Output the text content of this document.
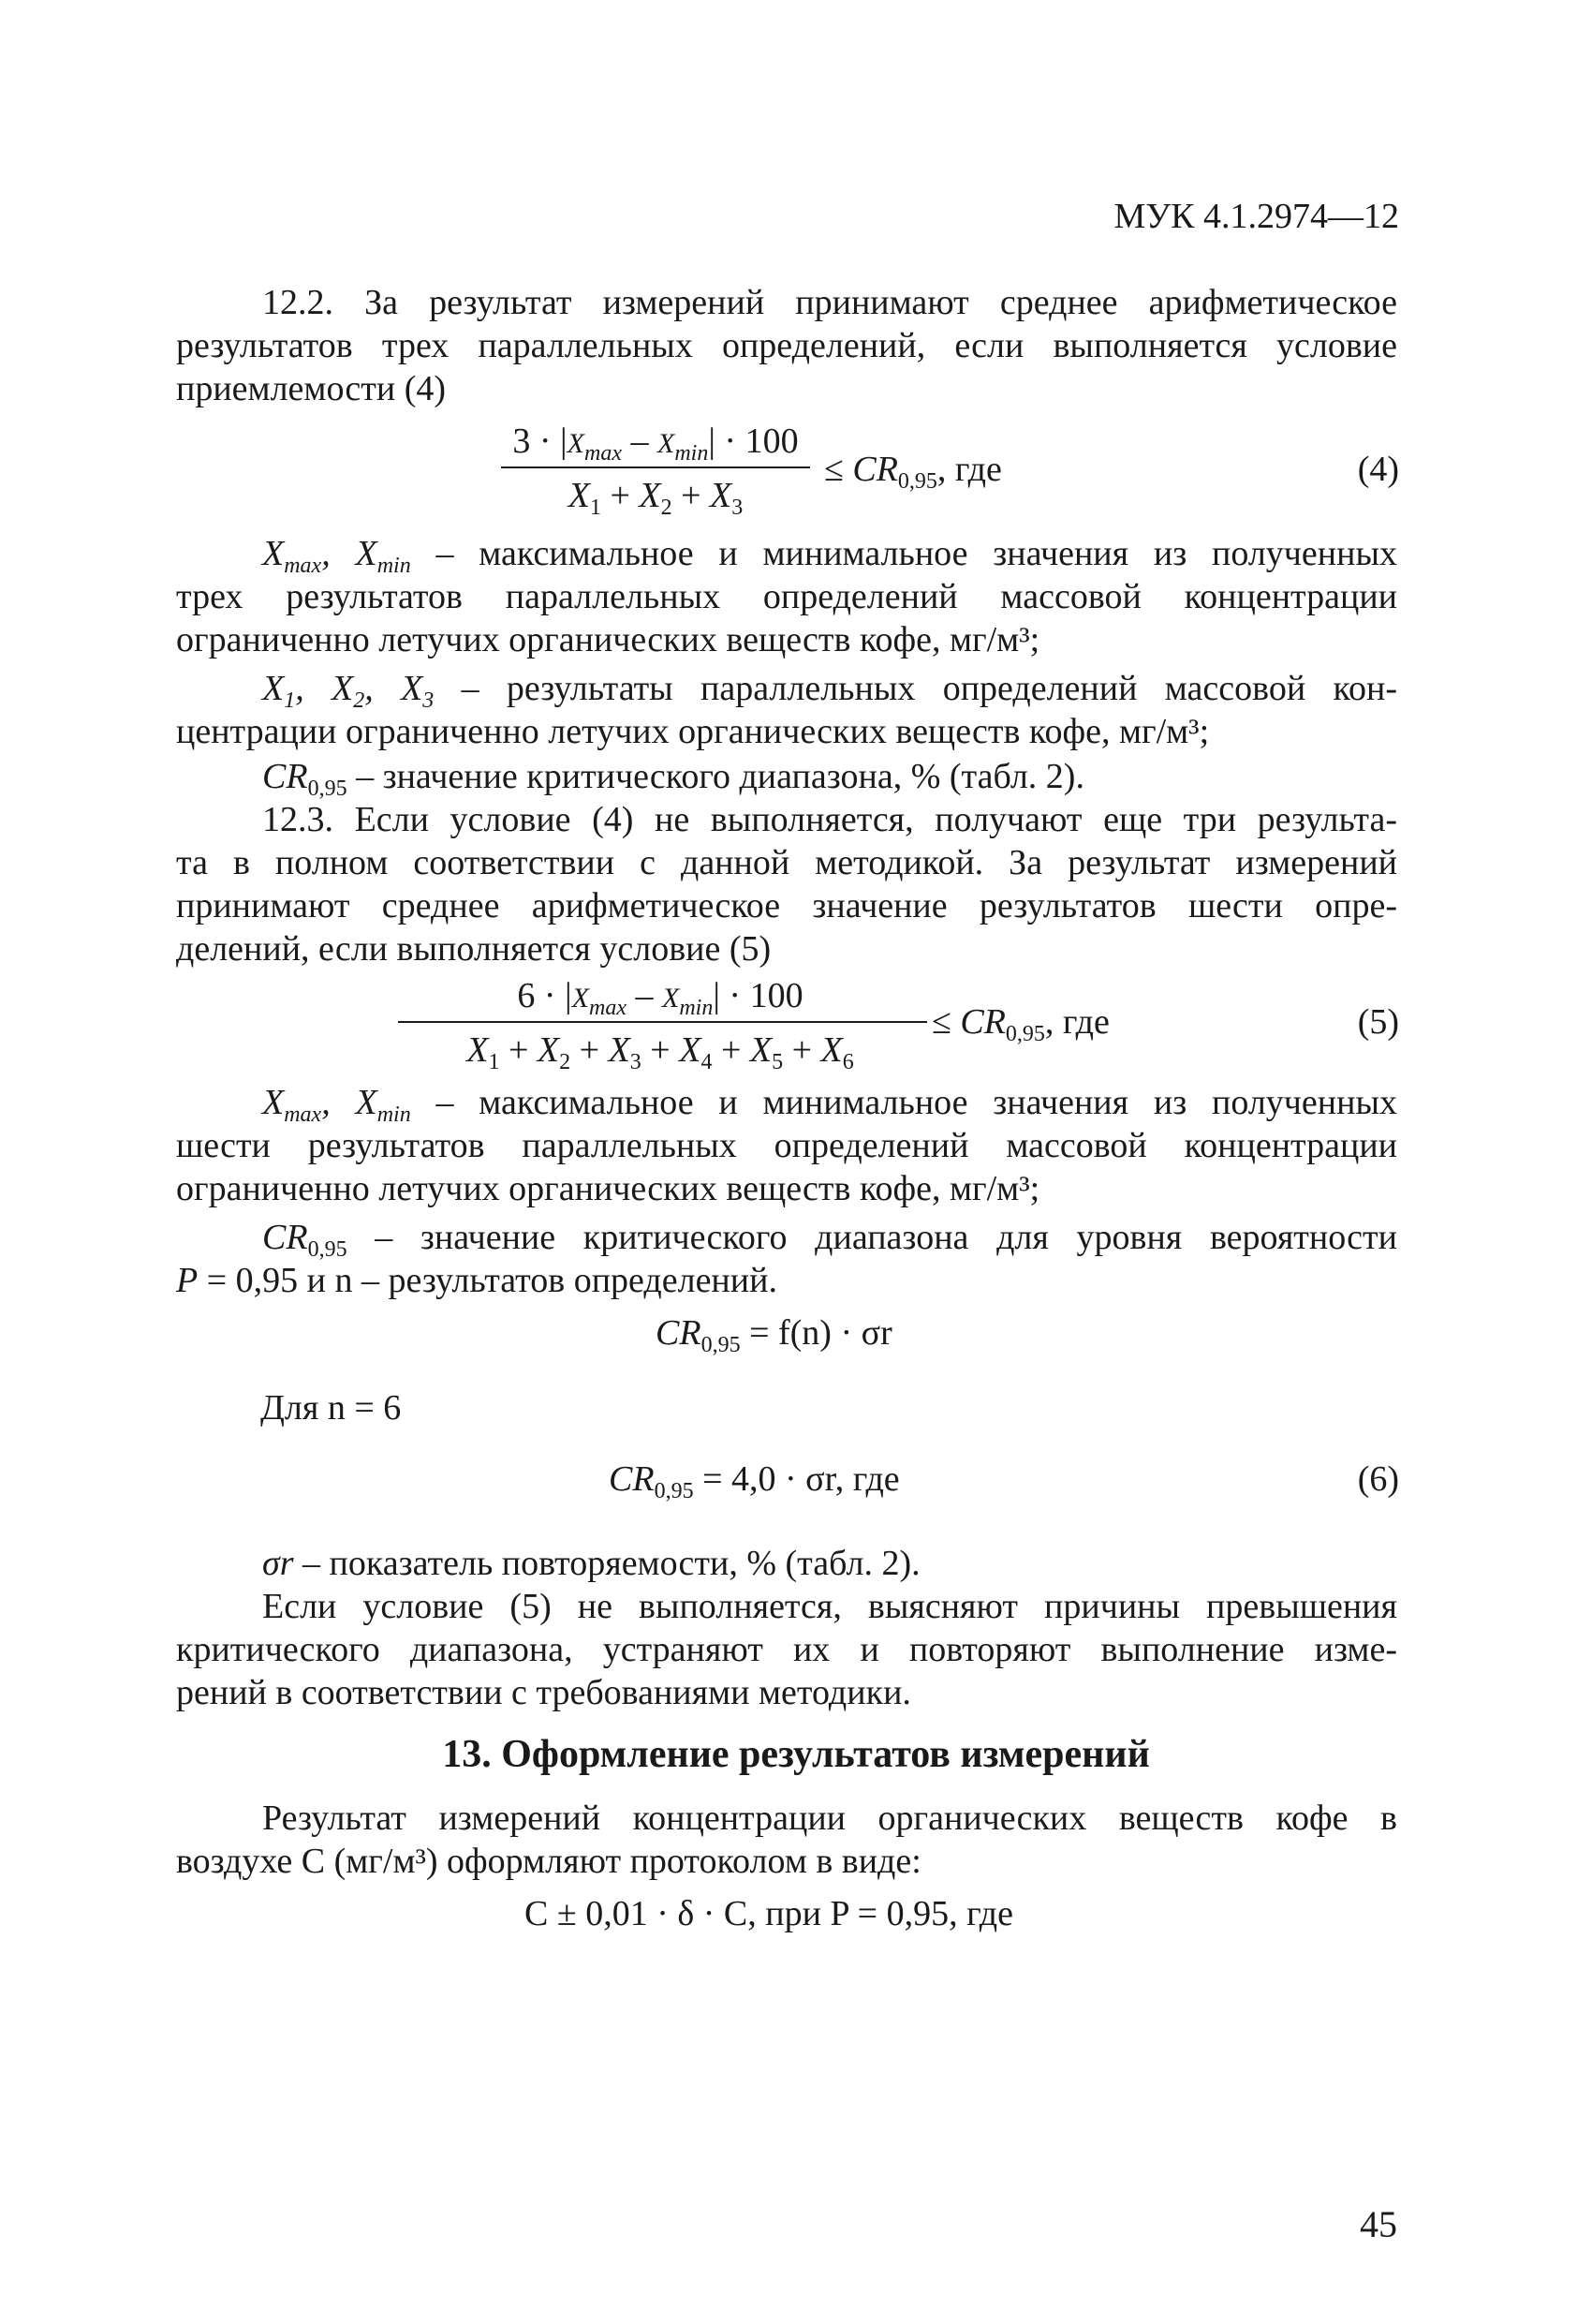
МУК 4.1.2974—12
12.2. За результат измерений принимают среднее арифметическое
результатов трех параллельных определений, если выполняется условие
приемлемости (4)
$3 \cdot |X_{max} - X_{min}| \cdot 100$
$X_1 + X_2 + X_3$
≤ $CR_{0,95}$, где	(4)
$X_{max}$, $X_{min}$ – максимальное и минимальное значения из полученных
трех результатов параллельных определений массовой концентрации
ограниченно летучих органических веществ кофе, мг/м³;
$X_1$, $X_2$, $X_3$ – результаты параллельных определений массовой кон-
центрации ограниченно летучих органических веществ кофе, мг/м³;
$CR_{0,95}$ – значение критического диапазона, % (табл. 2).
12.3. Если условие (4) не выполняется, получают еще три результа-
та в полном соответствии с данной методикой. За результат измерений
принимают среднее арифметическое значение результатов шести опре-
делений, если выполняется условие (5)
$6 \cdot |X_{max} - X_{min}| \cdot 100$
$X_1 + X_2 + X_3 + X_4 + X_5 + X_6$
≤ $CR_{0,95}$, где	(5)
$X_{max}$, $X_{min}$ – максимальное и минимальное значения из полученных
шести результатов параллельных определений массовой концентрации
ограниченно летучих органических веществ кофе, мг/м³;
$CR_{0,95}$ – значение критического диапазона для уровня вероятности
P = 0,95 и n – результатов определений.
$CR_{0,95} = f(n) \cdot \sigma r$
Для n = 6
$CR_{0,95} = 4,0 \cdot \sigma r$, где	(6)
σr – показатель повторяемости, % (табл. 2).
Если условие (5) не выполняется, выясняют причины превышения
критического диапазона, устраняют их и повторяют выполнение изме-
рений в соответствии с требованиями методики.
13. Оформление результатов измерений
Результат измерений концентрации органических веществ кофе в
воздухе C (мг/м³) оформляют протоколом в виде:
C ± 0,01 · δ · C, при P = 0,95, где
45
